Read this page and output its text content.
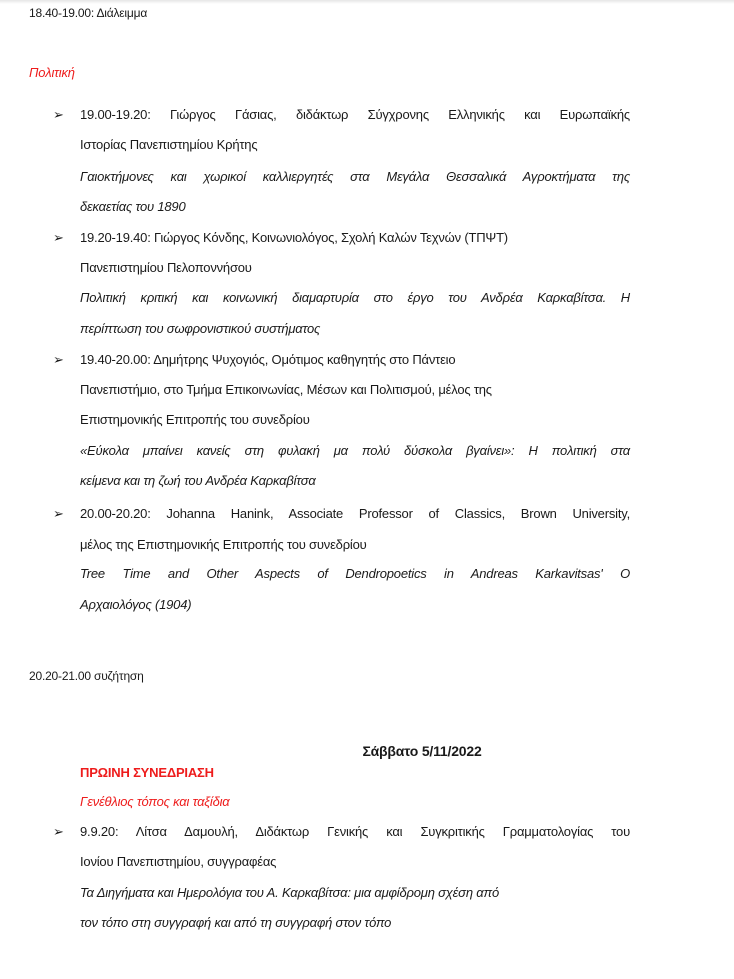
18.40-19.00: Διάλειμμα
Πολιτική
➢ 19.00-19.20: Γιώργος Γάσιας, διδάκτωρ Σύγχρονης Ελληνικής και Ευρωπαϊκής
Ιστορίας Πανεπιστημίου Κρήτης
Γαιοκτήμονες και χωρικοί καλλιεργητές στα Μεγάλα Θεσσαλικά Αγροκτήματα της
δεκαετίας του 1890
➢ 19.20-19.40: Γιώργος Κόνδης, Κοινωνιολόγος, Σχολή Καλών Τεχνών (ΤΠΨΤ)
Πανεπιστημίου Πελοποννήσου
Πολιτική κριτική και κοινωνική διαμαρτυρία στο έργο του Ανδρέα Καρκαβίτσα. Η
περίπτωση του σωφρονιστικού συστήματος
➢ 19.40-20.00: Δημήτρης Ψυχογιός, Ομότιμος καθηγητής στο Πάντειο
Πανεπιστήμιο, στο Τμήμα Επικοινωνίας, Μέσων και Πολιτισμού, μέλος της
Επιστημονικής Επιτροπής του συνεδρίου
«Εύκολα μπαίνει κανείς στη φυλακή μα πολύ δύσκολα βγαίνει»: Η πολιτική στα
κείμενα και τη ζωή του Ανδρέα Καρκαβίτσα
➢ 20.00-20.20: Johanna Hanink, Associate Professor of Classics, Brown University,
μέλος της Επιστημονικής Επιτροπής του συνεδρίου
Tree Time and Other Aspects of Dendropoetics in Andreas Karkavitsas' Ο
Αρχαιολόγος (1904)
20.20-21.00 συζήτηση
Σάββατο 5/11/2022
ΠΡΩΙΝΗ ΣΥΝΕΔΡΙΑΣΗ
Γενέθλιος τόπος και ταξίδια
➢ 9.9.20: Λίτσα Δαμουλή, Διδάκτωρ Γενικής και Συγκριτικής Γραμματολογίας του
Ιονίου Πανεπιστημίου, συγγραφέας
Τα Διηγήματα και Ημερολόγια του Α. Καρκαβίτσα: μια αμφίδρομη σχέση από
τον τόπο στη συγγραφή και από τη συγγραφή στον τόπο
